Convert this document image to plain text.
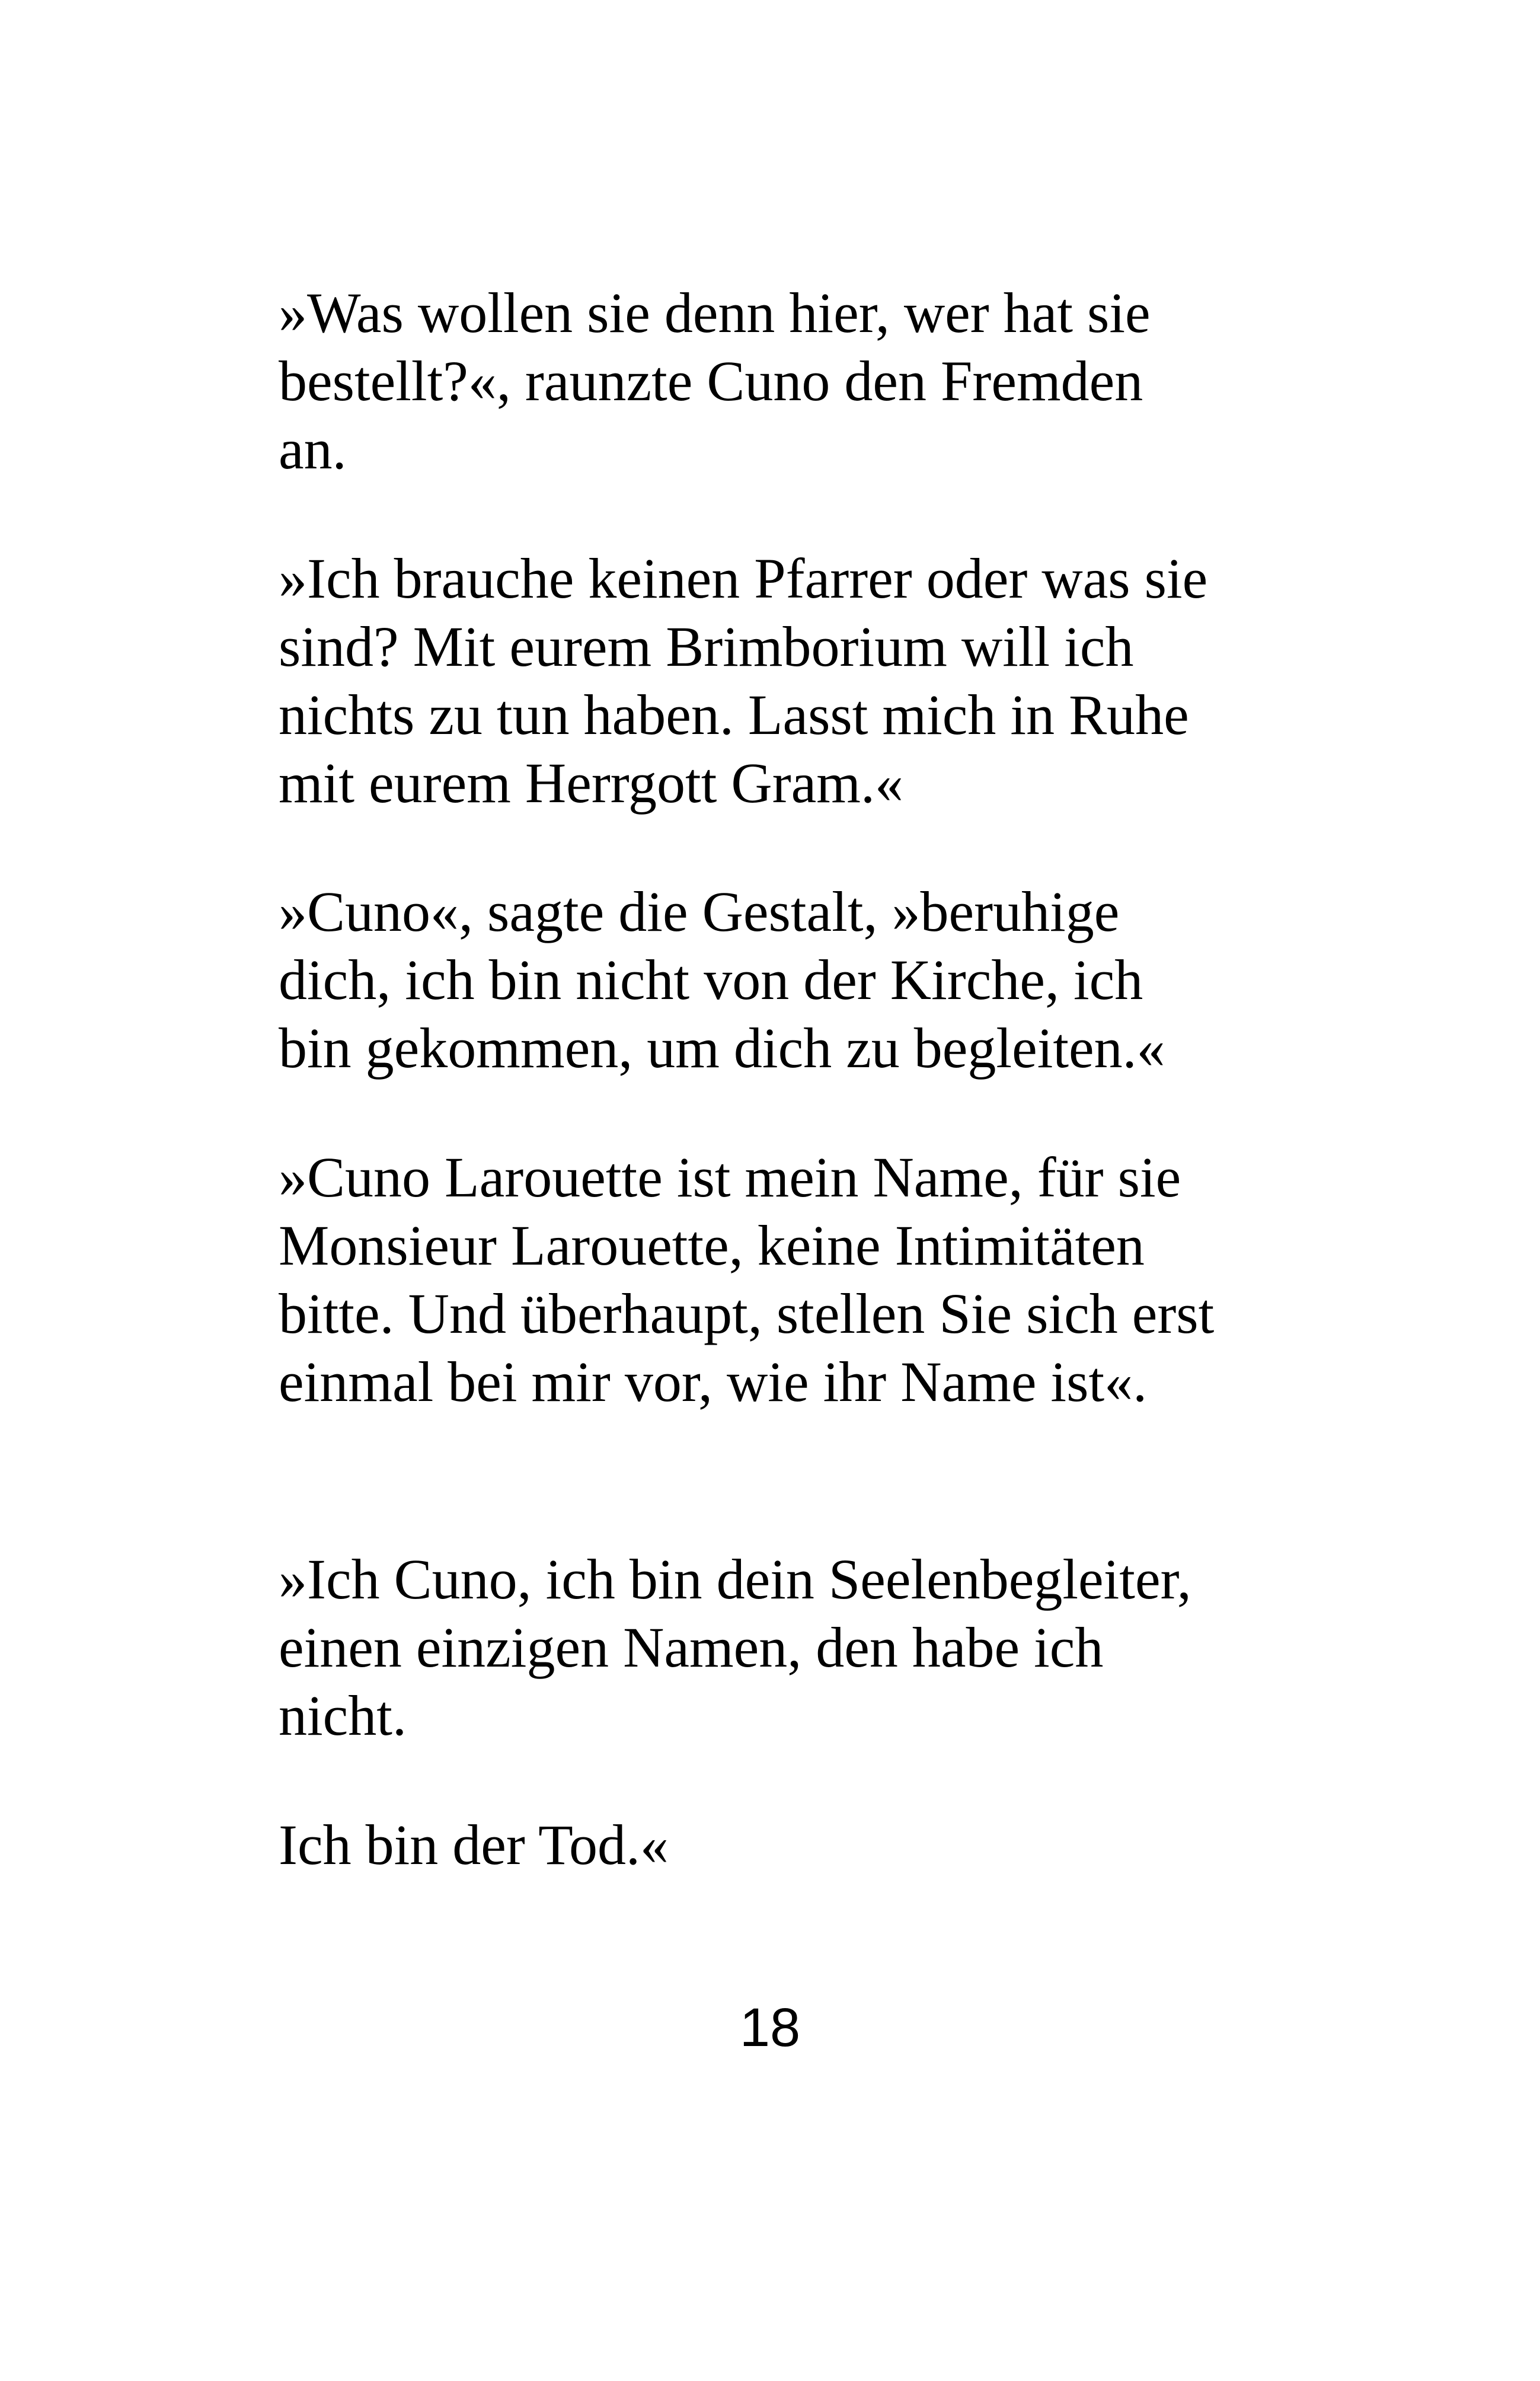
»Was wollen sie denn hier, wer hat sie
bestellt?«, raunzte Cuno den Fremden
an.

»Ich brauche keinen Pfarrer oder was sie
sind? Mit eurem Brimborium will ich
nichts zu tun haben. Lasst mich in Ruhe
mit eurem Herrgott Gram.«

»Cuno«, sagte die Gestalt, »beruhige
dich, ich bin nicht von der Kirche, ich
bin gekommen, um dich zu begleiten.«

»Cuno Larouette ist mein Name, für sie
Monsieur Larouette, keine Intimitäten
bitte. Und überhaupt, stellen Sie sich erst
einmal bei mir vor, wie ihr Name ist«.

»Ich Cuno, ich bin dein Seelenbegleiter,
einen einzigen Namen, den habe ich
nicht.

Ich bin der Tod.«

18
